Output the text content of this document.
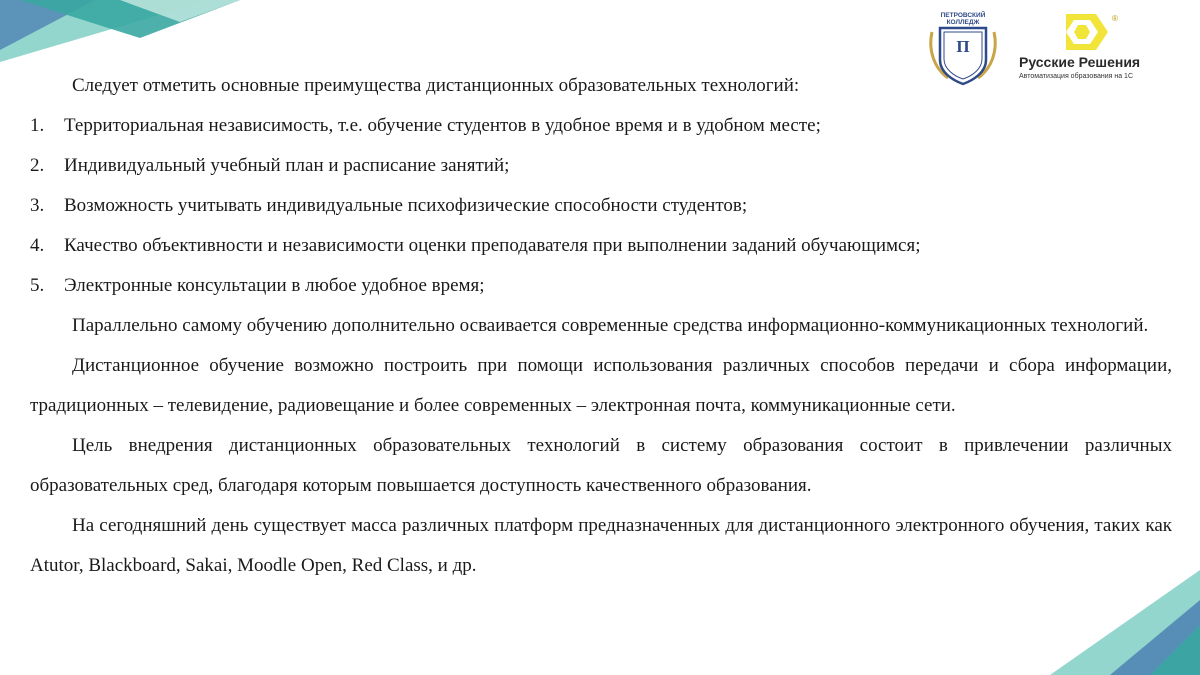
ПЕТРОВСКИЙ КОЛЛЕДЖ
П
®
Русские Решения
Автоматизация образования на 1С

Следует отметить основные преимущества дистанционных образовательных технологий:

1.	Территориальная независимость, т.е. обучение студентов в удобное время и в удобном месте;
2.	Индивидуальный учебный план и расписание занятий;
3.	Возможность учитывать индивидуальные психофизические способности студентов;
4.	Качество объективности и независимости оценки преподавателя при выполнении заданий обучающимся;
5.	Электронные консультации в любое удобное время;

Параллельно самому обучению дополнительно осваивается современные средства информационно-коммуникационных технологий.

Дистанционное обучение возможно построить при помощи использования различных способов передачи и сбора информации, традиционных – телевидение, радиовещание и более современных – электронная почта, коммуникационные сети.

Цель внедрения дистанционных образовательных технологий в систему образования состоит в привлечении различных образовательных сред, благодаря которым повышается доступность качественного образования.

На сегодняшний день существует масса различных платформ предназначенных для дистанционного электронного обучения, таких как Atutor, Blackboard, Sakai, Moodle Open, Red Class, и др.
